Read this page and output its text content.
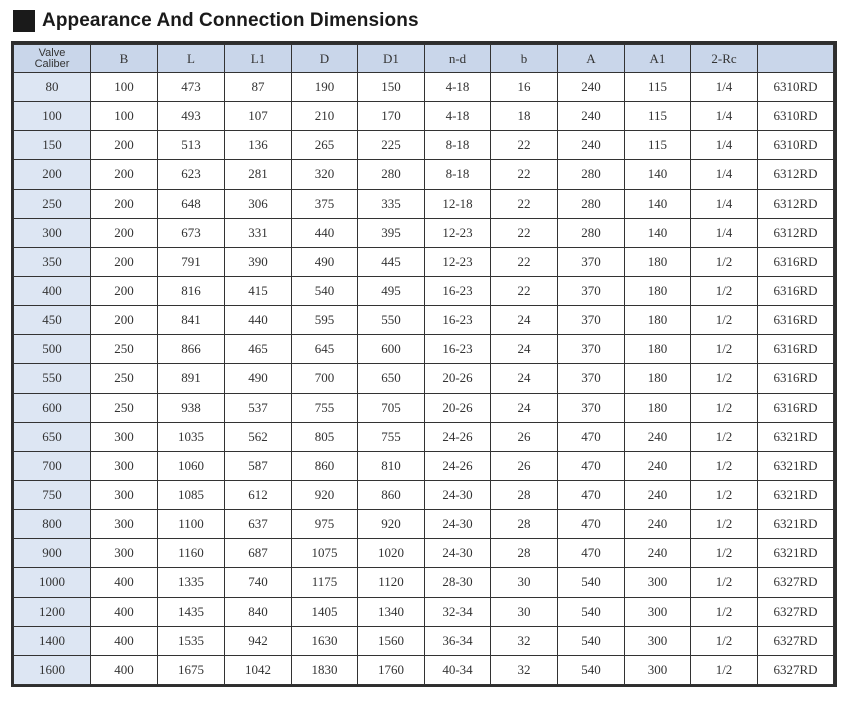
Appearance And Connection Dimensions
Valve
Caliber	B	L	L1	D	D1	n-d	b	A	A1	2-Rc	
80	100	473	87	190	150	4-18	16	240	115	1/4	6310RD
100	100	493	107	210	170	4-18	18	240	115	1/4	6310RD
150	200	513	136	265	225	8-18	22	240	115	1/4	6310RD
200	200	623	281	320	280	8-18	22	280	140	1/4	6312RD
250	200	648	306	375	335	12-18	22	280	140	1/4	6312RD
300	200	673	331	440	395	12-23	22	280	140	1/4	6312RD
350	200	791	390	490	445	12-23	22	370	180	1/2	6316RD
400	200	816	415	540	495	16-23	22	370	180	1/2	6316RD
450	200	841	440	595	550	16-23	24	370	180	1/2	6316RD
500	250	866	465	645	600	16-23	24	370	180	1/2	6316RD
550	250	891	490	700	650	20-26	24	370	180	1/2	6316RD
600	250	938	537	755	705	20-26	24	370	180	1/2	6316RD
650	300	1035	562	805	755	24-26	26	470	240	1/2	6321RD
700	300	1060	587	860	810	24-26	26	470	240	1/2	6321RD
750	300	1085	612	920	860	24-30	28	470	240	1/2	6321RD
800	300	1100	637	975	920	24-30	28	470	240	1/2	6321RD
900	300	1160	687	1075	1020	24-30	28	470	240	1/2	6321RD
1000	400	1335	740	1175	1120	28-30	30	540	300	1/2	6327RD
1200	400	1435	840	1405	1340	32-34	30	540	300	1/2	6327RD
1400	400	1535	942	1630	1560	36-34	32	540	300	1/2	6327RD
1600	400	1675	1042	1830	1760	40-34	32	540	300	1/2	6327RD
